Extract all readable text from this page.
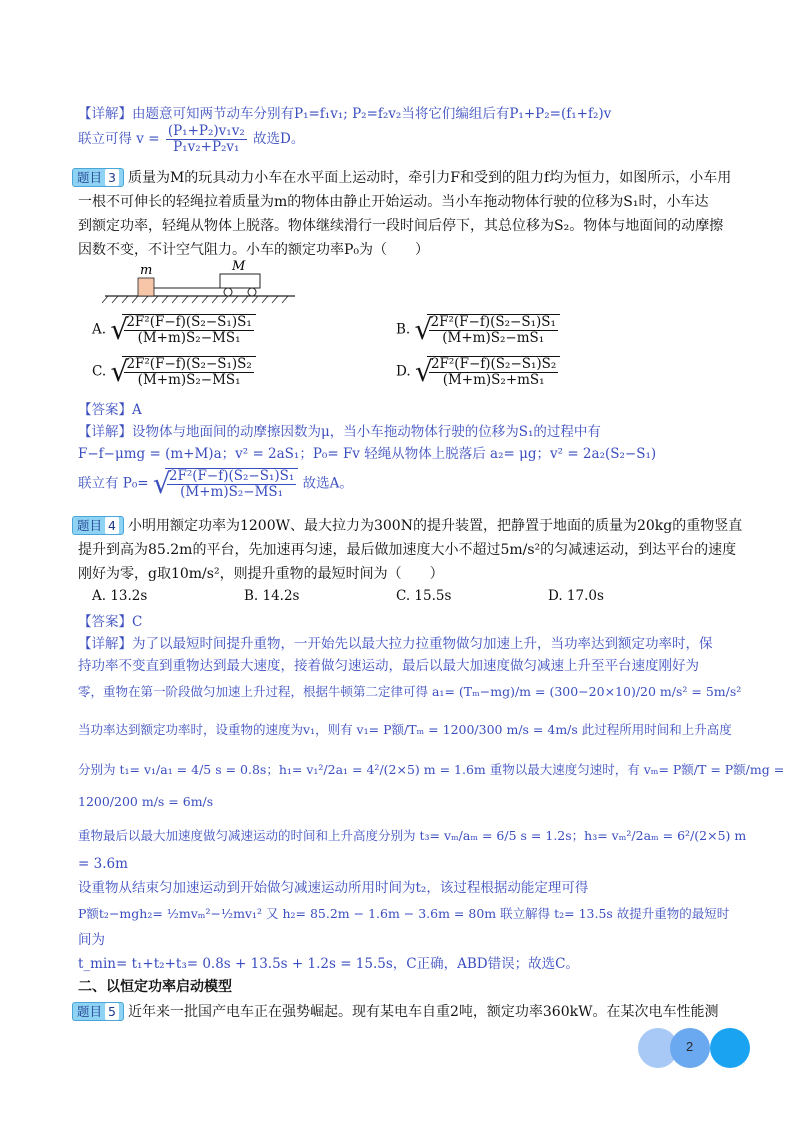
【详解】由题意可知两节动车分别有P₁=f₁v₁; P₂=f₂v₂当将它们编组后有P₁+P₂=(f₁+f₂)v
联立可得 $v = \frac{\text{(P₁+P₂)v₁v₂}}{\text{P₁v₂+P₂v₁}}$ 故选D。
题目 3 质量为M的玩具动力小车在水平面上运动时，牵引力F和受到的阻力f均为恒力，如图所示，小车用
一根不可伸长的轻绳拉着质量为m的物体由静止开始运动。当小车拖动物体行驶的位移为S₁时，小车达
到额定功率，轻绳从物体上脱落。物体继续滑行一段时间后停下，其总位移为S₂。物体与地面间的动摩擦
因数不变，不计空气阻力。小车的额定功率P₀为（　　）
m	M
A. √
$\frac{\text{2F²(F−f)(S₂−S₁)S₁}}{\text{(M+m)S₂−MS₁}}$	B. √
$\frac{\text{2F²(F−f)(S₂−S₁)S₁}}{\text{(M+m)S₂−mS₁}}$
C. √
$\frac{\text{2F²(F−f)(S₂−S₁)S₂}}{\text{(M+m)S₂−MS₁}}$	D. √
$\frac{\text{2F²(F−f)(S₂−S₁)S₂}}{\text{(M+m)S₂+mS₁}}$
【答案】A
【详解】设物体与地面间的动摩擦因数为μ，当小车拖动物体行驶的位移为S₁的过程中有
F−f−μmg = (m+M)a；v² = 2aS₁；P₀= Fv 轻绳从物体上脱落后 a₂= μg；v² = 2a₂(S₂−S₁)
联立有 P₀= √
$\frac{\text{2F²(F−f)(S₂−S₁)S₁}}{\text{(M+m)S₂−MS₁}}$ 故选A。
题目 4 小明用额定功率为1200W、最大拉力为300N的提升装置，把静置于地面的质量为20kg的重物竖直
提升到高为85.2m的平台，先加速再匀速，最后做加速度大小不超过5m/s²的匀减速运动，到达平台的速度
刚好为零，g取10m/s²，则提升重物的最短时间为（　　）
A. 13.2s	B. 14.2s	C. 15.5s	D. 17.0s
【答案】C
【详解】为了以最短时间提升重物，一开始先以最大拉力拉重物做匀加速上升，当功率达到额定功率时，保
持功率不变直到重物达到最大速度，接着做匀速运动，最后以最大加速度做匀减速上升至平台速度刚好为
零，重物在第一阶段做匀加速上升过程，根据牛顿第二定律可得 a₁= (Tₘ−mg)/m = (300−20×10)/20 m/s² = 5m/s²
当功率达到额定功率时，设重物的速度为v₁，则有 v₁= P额/Tₘ = 1200/300 m/s = 4m/s 此过程所用时间和上升高度
分别为 t₁= v₁/a₁ = 4/5 s = 0.8s；h₁= v₁²/2a₁ = 4²/(2×5) m = 1.6m 重物以最大速度匀速时，有 vₘ= P额/T = P额/mg =
1200/200 m/s = 6m/s
重物最后以最大加速度做匀减速运动的时间和上升高度分别为 t₃= vₘ/aₘ = 6/5 s = 1.2s；h₃= vₘ²/2aₘ = 6²/(2×5) m
= 3.6m
设重物从结束匀加速运动到开始做匀减速运动所用时间为t₂，该过程根据动能定理可得
P额t₂−mgh₂= ½mvₘ²−½mv₁² 又 h₂= 85.2m − 1.6m − 3.6m = 80m 联立解得 t₂= 13.5s 故提升重物的最短时
间为
t_min= t₁+t₂+t₃= 0.8s + 13.5s + 1.2s = 15.5s，C正确，ABD错误；故选C。
二、以恒定功率启动模型
题目 5 近年来一批国产电车正在强势崛起。现有某电车自重2吨，额定功率360kW。在某次电车性能测
2
